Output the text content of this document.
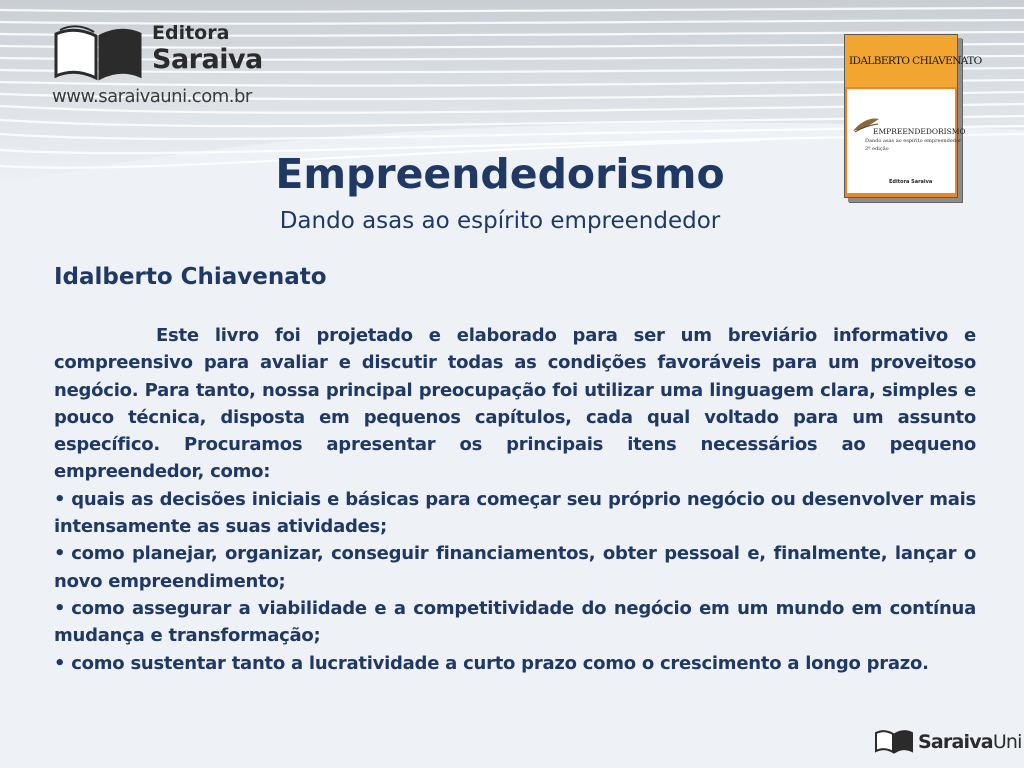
Editora
Saraiva
www.saraivauni.com.br
IDALBERTO CHIAVENATO
EMPREENDEDORISMO
Dando asas ao espírito empreendedor
2ª edição
Editora Saraiva
Empreendedorismo
Dando asas ao espírito empreendedor
Idalberto Chiavenato

Este livro foi projetado e elaborado para ser um breviário informativo e compreensivo para avaliar e discutir todas as condições favoráveis para um proveitoso negócio. Para tanto, nossa principal preocupação foi utilizar uma linguagem clara, simples e pouco técnica, disposta em pequenos capítulos, cada qual voltado para um assunto específico. Procuramos apresentar os principais itens necessários ao pequeno empreendedor, como:

• quais as decisões iniciais e básicas para começar seu próprio negócio ou desenvolver mais intensamente as suas atividades;
• como planejar, organizar, conseguir financiamentos, obter pessoal e, finalmente, lançar o novo empreendimento;
• como assegurar a viabilidade e a competitividade do negócio em um mundo em contínua mudança e transformação;
• como sustentar tanto a lucratividade a curto prazo como o crescimento a longo prazo.
SaraivaUni
